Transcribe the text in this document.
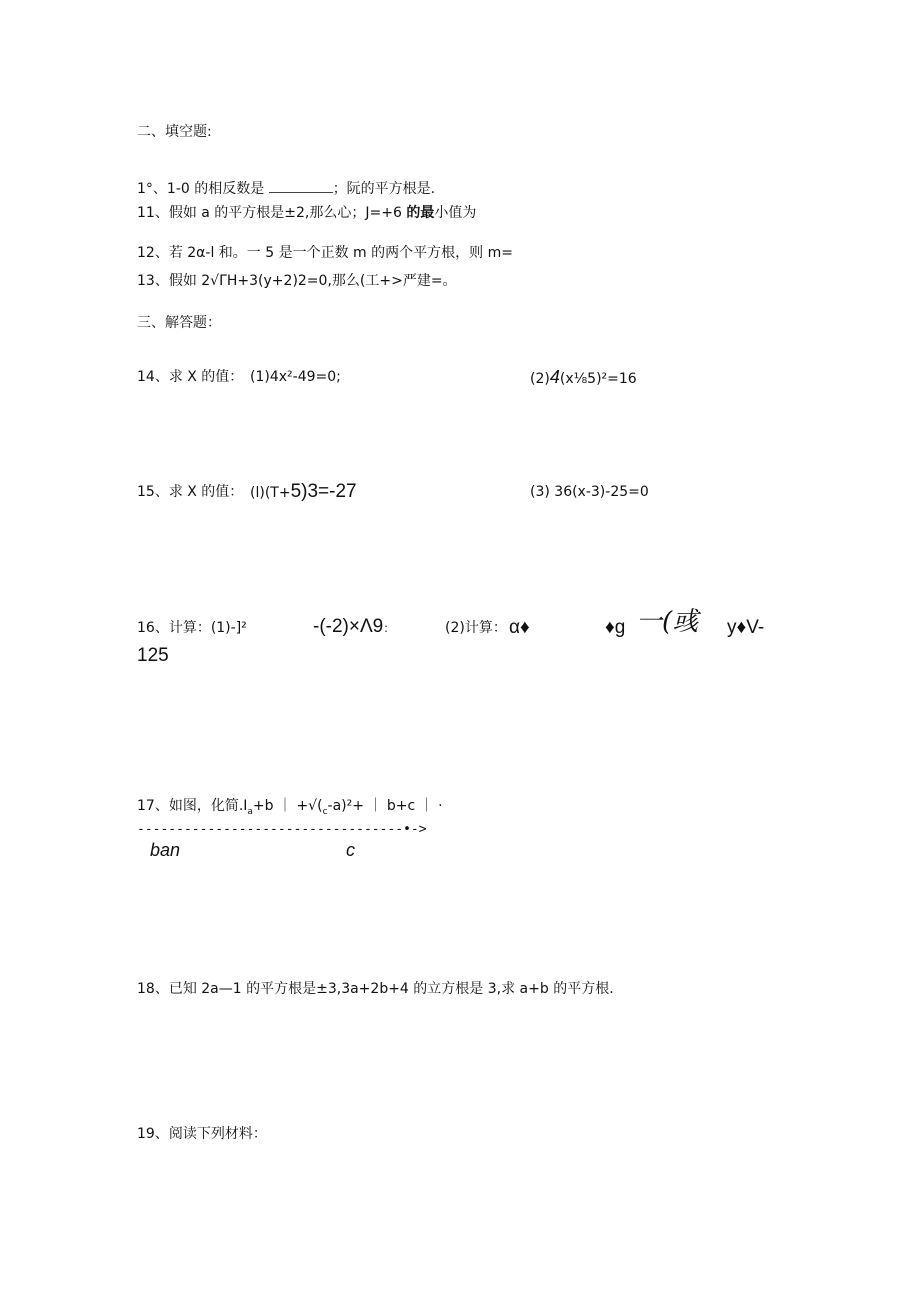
二、填空题:
1°、1-0 的相反数是	；阮的平方根是.
11、假如 a 的平方根是±2,那么心；J=+6 的最小值为
12、若 2α-l 和。一 5 是一个正数 m 的两个平方根，则 m=
13、假如 2√ΓH+3(y+2)2=0,那么(工+>严建=。
三、解答题：
14、求 X 的值： (1)4x²-49=0;	(2)4(x⅛5)²=16
15、求 X 的值： (l)(T+5)3=-27	(3) 36(x-3)-25=0
16、计算：(1)-]²	-(-2)×Λ9：	(2)计算： α♦	♦g 一(彧 y♦V-
125
17、如图，化简$.I_a+b$ ｜ $+√(_c-a)^2+$ ｜ b+c ｜ ·
----------------------------------•->
ban	c
18、已知 2a—1 的平方根是±3,3a+2b+4 的立方根是 3,求 a+b 的平方根.
19、阅读下列材料：
